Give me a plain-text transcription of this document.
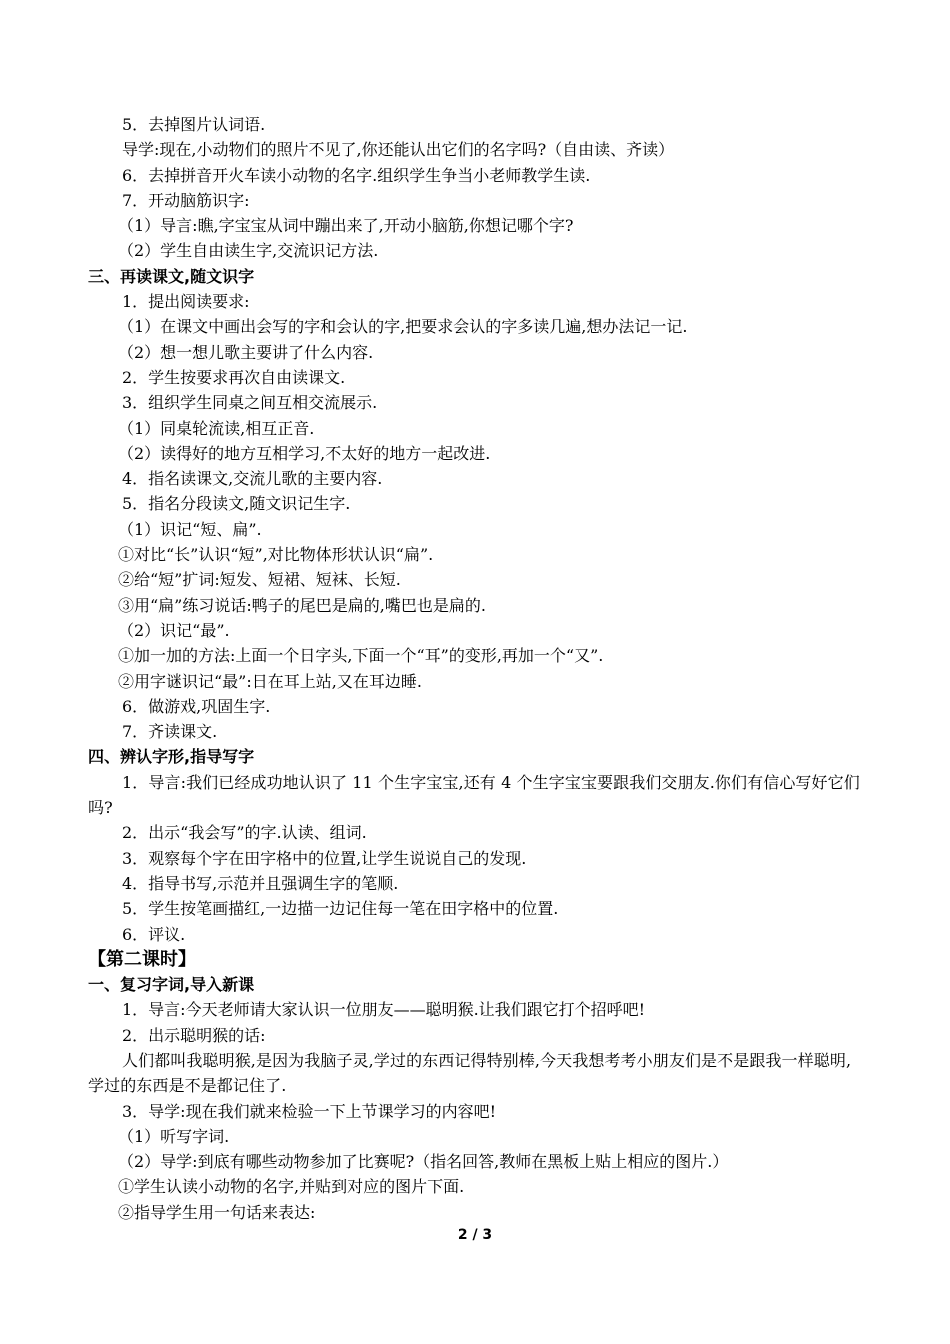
5．去掉图片认词语.
导学:现在,小动物们的照片不见了,你还能认出它们的名字吗?（自由读、齐读）
6．去掉拼音开火车读小动物的名字.组织学生争当小老师教学生读.
7．开动脑筋识字:
（1）导言:瞧,字宝宝从词中蹦出来了,开动小脑筋,你想记哪个字?
（2）学生自由读生字,交流识记方法.
三、再读课文,随文识字
1．提出阅读要求:
（1）在课文中画出会写的字和会认的字,把要求会认的字多读几遍,想办法记一记.
（2）想一想儿歌主要讲了什么内容.
2．学生按要求再次自由读课文.
3．组织学生同桌之间互相交流展示.
（1）同桌轮流读,相互正音.
（2）读得好的地方互相学习,不太好的地方一起改进.
4．指名读课文,交流儿歌的主要内容.
5．指名分段读文,随文识记生字.
（1）识记“短、扁”.
①对比“长”认识“短”,对比物体形状认识“扁”.
②给“短”扩词:短发、短裙、短袜、长短.
③用“扁”练习说话:鸭子的尾巴是扁的,嘴巴也是扁的.
（2）识记“最”.
①加一加的方法:上面一个日字头,下面一个“耳”的变形,再加一个“又”.
②用字谜识记“最”:日在耳上站,又在耳边睡.
6．做游戏,巩固生字.
7．齐读课文.
四、辨认字形,指导写字
1．导言:我们已经成功地认识了 11 个生字宝宝,还有 4 个生字宝宝要跟我们交朋友.你们有信心写好它们吗?
2．出示“我会写”的字.认读、组词.
3．观察每个字在田字格中的位置,让学生说说自己的发现.
4．指导书写,示范并且强调生字的笔顺.
5．学生按笔画描红,一边描一边记住每一笔在田字格中的位置.
6．评议.
【第二课时】
一、复习字词,导入新课
1．导言:今天老师请大家认识一位朋友——聪明猴.让我们跟它打个招呼吧!
2．出示聪明猴的话:
人们都叫我聪明猴,是因为我脑子灵,学过的东西记得特别棒,今天我想考考小朋友们是不是跟我一样聪明,学过的东西是不是都记住了.
3．导学:现在我们就来检验一下上节课学习的内容吧!
（1）听写字词.
（2）导学:到底有哪些动物参加了比赛呢?（指名回答,教师在黑板上贴上相应的图片.）
①学生认读小动物的名字,并贴到对应的图片下面.
②指导学生用一句话来表达:
2 / 3
